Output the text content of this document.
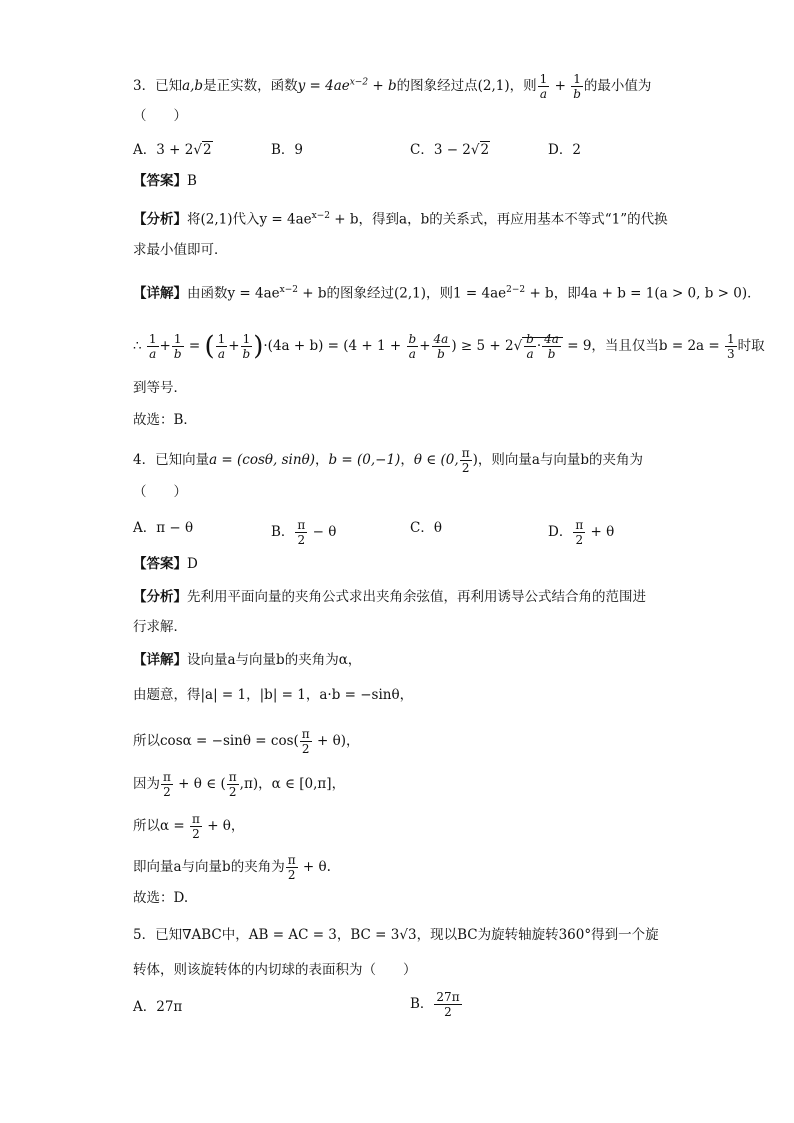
3．已知a,b是正实数，函数$y = 4ae^{x-2} + b$的图象经过点(2,1)，则 $\frac{1}{a} + \frac{1}{b}$ 的最小值为
（　　）
A．3 + 2√2	B．9	C．3 − 2√2	D．2
【答案】B
【分析】将(2,1)代入$y = 4ae^{x-2} + b$，得到a，b的关系式，再应用基本不等式“1”的代换
求最小值即可．
【详解】由函数$y = 4ae^{x-2} + b$的图象经过(2,1)，则$1 = 4ae^{2-2} + b$，即4a + b = 1(a > 0, b > 0)．
∴ $\frac{1}{a} + \frac{1}{b}$ = ( $\frac{1}{a} + \frac{1}{b} )\cdot(4a + b) = (4 + 1 + \frac{b}{a} + \frac{4a}{b}$ ) ≥ $5 + 2√ \frac{b}{a} \cdot \frac{4a}{b} = 9$，当且仅当$b = 2a = \frac{1}{3}$ 时取
到等号．
故选：B．
4．已知向量a = (cosθ, sinθ)，b = (0,−1)，θ ∈ (0, $\frac{\pi}{2}$ )，则向量a与向量b的夹角为
（　　）
A．π − θ	B． $\frac{\pi}{2} - \theta$	C．θ	D． $\frac{\pi}{2} + \theta$
【答案】D
【分析】先利用平面向量的夹角公式求出夹角余弦值，再利用诱导公式结合角的范围进
行求解．
【详解】设向量a与向量b的夹角为α，
由题意，得|a| = 1，|b| = 1，a·b = −sinθ，
所以$\cos\alpha = -\sin\theta = \cos( \frac{\pi}{2} + \theta)$，
因为 $\frac{\pi}{2} + \theta$ ∈ ( $\frac{\pi}{2} ,\pi$)，α ∈ [0,π]，
所以$\alpha = \frac{\pi}{2} + \theta$，
即向量a与向量b的夹角为 $\frac{\pi}{2} + \theta$.
故选：D.
5．已知∇ABC中，AB = AC = 3，BC = 3√3，现以BC为旋转轴旋转360°得到一个旋
转体，则该旋转体的内切球的表面积为（　　）
A．27π	B． $\frac{27\pi}{2}$
